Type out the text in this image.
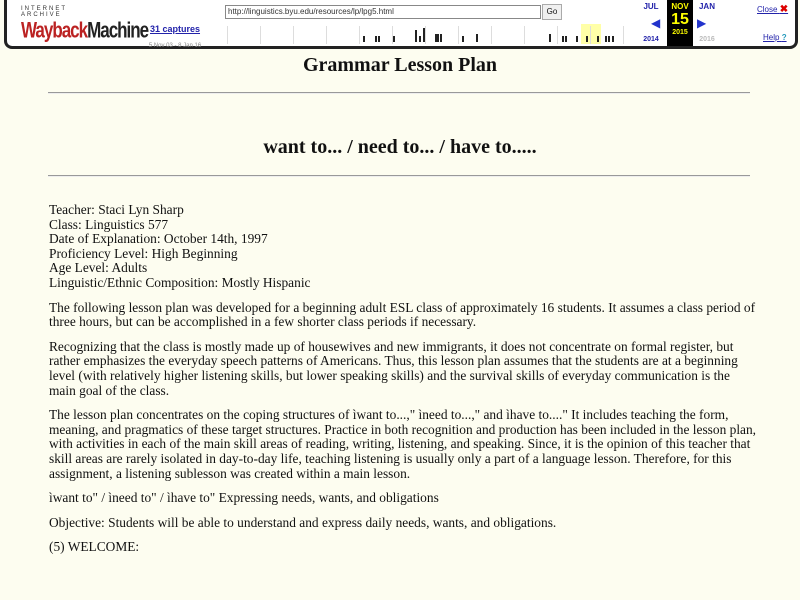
INTERNET ARCHIVE
WaybackMachine 31 captures
5 Nov 03 - 8 Jan 16
http://linguistics.byu.edu/resources/lp/lpg5.html	Go
JUL	JAN
◀	▶
NOV
15
2015
2014	2016
Close ✖
Help ?
Grammar Lesson Plan
want to... / need to... / have to.....

Teacher: Staci Lyn Sharp
Class: Linguistics 577
Date of Explanation: October 14th, 1997
Proficiency Level: High Beginning
Age Level: Adults
Linguistic/Ethnic Composition: Mostly Hispanic

The following lesson plan was developed for a beginning adult ESL class of approximately 16 students. It assumes a class period of three hours, but can be accomplished in a few shorter class periods if necessary.

Recognizing that the class is mostly made up of housewives and new immigrants, it does not concentrate on formal register, but rather emphasizes the everyday speech patterns of Americans. Thus, this lesson plan assumes that the students are at a beginning level (with relatively higher listening skills, but lower speaking skills) and the survival skills of everyday communication is the main goal of the class.

The lesson plan concentrates on the coping structures of ìwant to...," ìneed to...," and ìhave to...." It includes teaching the form, meaning, and pragmatics of these target structures. Practice in both recognition and production has been included in the lesson plan, with activities in each of the main skill areas of reading, writing, listening, and speaking. Since, it is the opinion of this teacher that skill areas are rarely isolated in day-to-day life, teaching listening is usually only a part of a language lesson. Therefore, for this assignment, a listening sublesson was created within a main lesson.

ìwant to" / ìneed to" / ìhave to" Expressing needs, wants, and obligations

Objective: Students will be able to understand and express daily needs, wants, and obligations.

(5) WELCOME:
